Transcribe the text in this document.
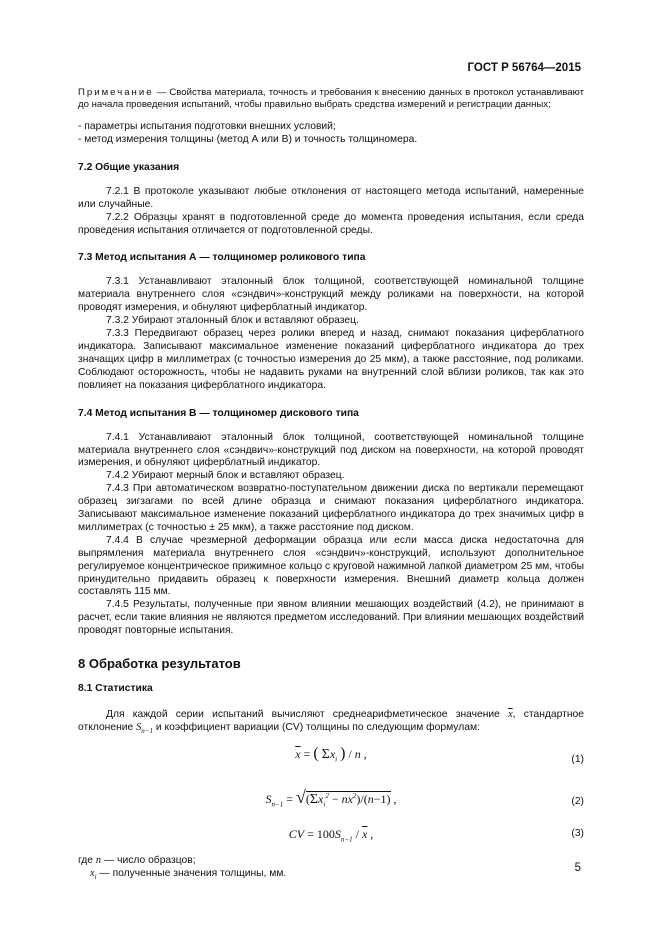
ГОСТ Р 56764—2015

Примечание — Свойства материала, точность и требования к внесению данных в протокол устанавливают до начала проведения испытаний, чтобы правильно выбрать средства измерений и регистрации данных;

- параметры испытания подготовки внешних условий;

- метод измерения толщины (метод А или В) и точность толщиномера.

7.2 Общие указания

7.2.1 В протоколе указывают любые отклонения от настоящего метода испытаний, намеренные или случайные.

7.2.2 Образцы хранят в подготовленной среде до момента проведения испытания, если среда проведения испытания отличается от подготовленной среды.

7.3 Метод испытания А — толщиномер роликового типа

7.3.1 Устанавливают эталонный блок толщиной, соответствующей номинальной толщине материала внутреннего слоя «сэндвич»-конструкций между роликами на поверхности, на которой проводят измерения, и обнуляют циферблатный индикатор.

7.3.2 Убирают эталонный блок и вставляют образец.

7.3.3 Передвигают образец через ролики вперед и назад, снимают показания циферблатного индикатора. Записывают максимальное изменение показаний циферблатного индикатора до трех значащих цифр в миллиметрах (с точностью измерения до 25 мкм), а также расстояние, под роликами. Соблюдают осторожность, чтобы не надавить руками на внутренний слой вблизи роликов, так как это повлияет на показания циферблатного индикатора.

7.4 Метод испытания В — толщиномер дискового типа

7.4.1 Устанавливают эталонный блок толщиной, соответствующей номинальной толщине материала внутреннего слоя «сэндвич»-конструкций под диском на поверхности, на которой проводят измерения, и обнуляют циферблатный индикатор.

7.4.2 Убирают мерный блок и вставляют образец.

7.4.3 При автоматическом возвратно-поступательном движении диска по вертикали перемещают образец зигзагами по всей длине образца и снимают показания циферблатного индикатора. Записывают максимальное изменение показаний циферблатного индикатора до трех значимых цифр в миллиметрах (с точностью ± 25 мкм), а также расстояние под диском.

7.4.4 В случае чрезмерной деформации образца или если масса диска недостаточна для выпрямления материала внутреннего слоя «сэндвич»-конструкций, используют дополнительное регулируемое концентрическое прижимное кольцо с круговой нажимной лапкой диаметром 25 мм, чтобы принудительно придавить образец к поверхности измерения. Внешний диаметр кольца должен составлять 115 мм.

7.4.5 Результаты, полученные при явном влиянии мешающих воздействий (4.2), не принимают в расчет, если такие влияния не являются предметом исследований. При влиянии мешающих воздействий проводят повторные испытания.

8 Обработка результатов
8.1 Статистика

Для каждой серии испытаний вычисляют среднеарифметическое значение $\overline{x}$, стандартное отклонение $S_{n-1}$ и коэффициент вариации (CV) толщины по следующим формулам:

$\overline{x}$ = ( $\Sigma x_i$ ) / n ,	(1)
$S_{n-1} = √(\Sigma x_i^2 - n\overline{x}^2)/(n-1)$ ,	(2)
CV = $100S_{n-1} / \overline{x}$ ,	(3)

где n — число образцов;

$x_i$ — полученные значения толщины, мм.	5
